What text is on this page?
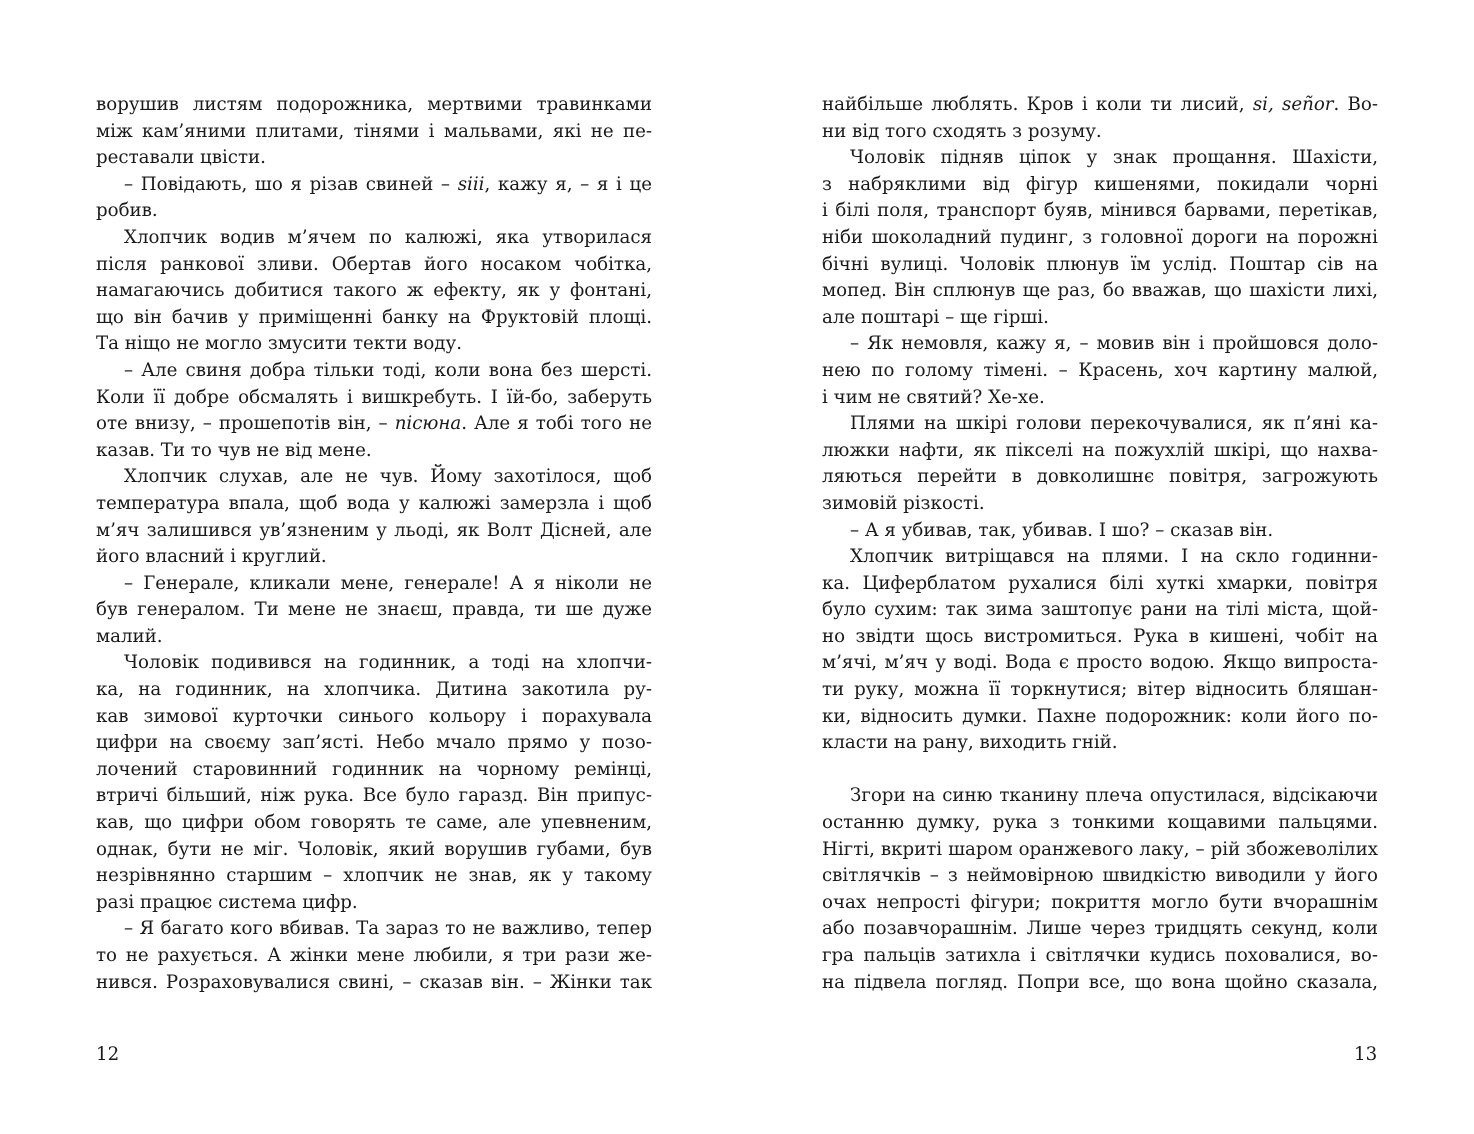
ворушив листям подорожника, мертвими травинками
між кам’яними плитами, тінями і мальвами, які не пе-
реставали цвісти.
– Повідають, шо я різав свиней – siii, кажу я, – я і це
робив.
Хлопчик водив м’ячем по калюжі, яка утворилася
після ранкової зливи. Обертав його носаком чобітка,
намагаючись добитися такого ж ефекту, як у фонтані,
що він бачив у приміщенні банку на Фруктовій площі.
Та ніщо не могло змусити текти воду.
– Але свиня добра тільки тоді, коли вона без шерсті.
Коли її добре обсмалять і вишкребуть. І їй-бо, заберуть
оте внизу, – прошепотів він, – пісюна. Але я тобі того не
казав. Ти то чув не від мене.
Хлопчик слухав, але не чув. Йому захотілося, щоб
температура впала, щоб вода у калюжі замерзла і щоб
м’яч залишився ув’язненим у льоді, як Волт Дісней, але
його власний і круглий.
– Генерале, кликали мене, генерале! А я ніколи не
був генералом. Ти мене не знаєш, правда, ти ше дуже
малий.
Чоловік подивився на годинник, а тоді на хлопчи-
ка, на годинник, на хлопчика. Дитина закотила ру-
кав зимової курточки синього кольору і порахувала
цифри на своєму зап’ясті. Небо мчало прямо у позо-
лочений старовинний годинник на чорному ремінці,
втричі більший, ніж рука. Все було гаразд. Він припус-
кав, що цифри обом говорять те саме, але упевненим,
однак, бути не міг. Чоловік, який ворушив губами, був
незрівнянно старшим – хлопчик не знав, як у такому
разі працює система цифр.
– Я багато кого вбивав. Та зараз то не важливо, тепер
то не рахується. А жінки мене любили, я три рази же-
нився. Розраховувалися свині, – сказав він. – Жінки так
12
найбільше люблять. Кров і коли ти лисий, si, señor. Во-
ни від того сходять з розуму.
Чоловік підняв ціпок у знак прощання. Шахісти,
з набряклими від фігур кишенями, покидали чорні
і білі поля, транспорт буяв, мінився барвами, перетікав,
ніби шоколадний пудинг, з головної дороги на порожні
бічні вулиці. Чоловік плюнув їм услід. Поштар сів на
мопед. Він сплюнув ще раз, бо вважав, що шахісти лихі,
але поштарі – ще гірші.
– Як немовля, кажу я, – мовив він і пройшовся доло-
нею по голому тімені. – Красень, хоч картину малюй,
і чим не святий? Хе-хе.
Плями на шкірі голови перекочувалися, як п’яні ка-
люжки нафти, як пікселі на пожухлій шкірі, що нахва-
ляються перейти в довколишнє повітря, загрожують
зимовій різкості.
– А я убивав, так, убивав. І шо? – сказав він.
Хлопчик витріщався на плями. І на скло годинни-
ка. Циферблатом рухалися білі хуткі хмарки, повітря
було сухим: так зима заштопує рани на тілі міста, щой-
но звідти щось вистромиться. Рука в кишені, чобіт на
м’ячі, м’яч у воді. Вода є просто водою. Якщо випроста-
ти руку, можна її торкнутися; вітер відносить бляшан-
ки, відносить думки. Пахне подорожник: коли його по-
класти на рану, виходить гній.
Згори на синю тканину плеча опустилася, відсікаючи
останню думку, рука з тонкими кощавими пальцями.
Нігті, вкриті шаром оранжевого лаку, – рій збожеволілих
світлячків – з неймовірною швидкістю виводили у його
очах непрості фігури; покриття могло бути вчорашнім
або позавчорашнім. Лише через тридцять секунд, коли
гра пальців затихла і світлячки кудись поховалися, во-
на підвела погляд. Попри все, що вона щойно сказала,
13
